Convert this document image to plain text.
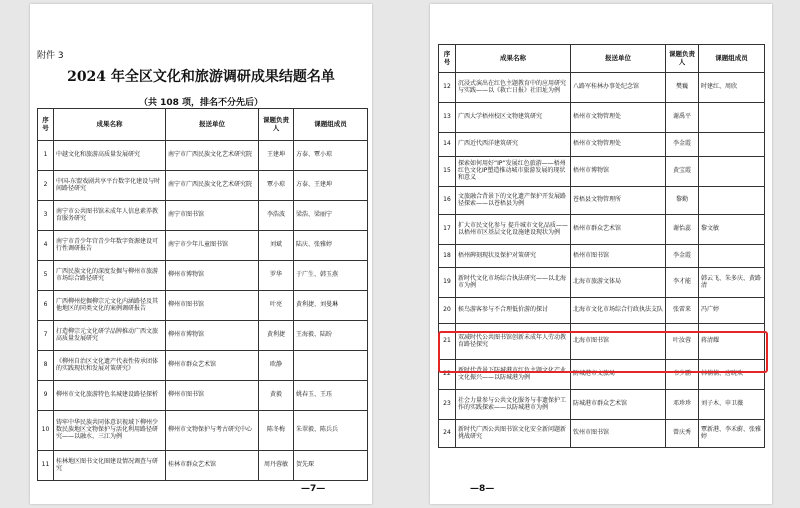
附件 3
2024 年全区文化和旅游调研成果结题名单
（共 108 项，排名不分先后）
序号	成果名称	报送单位	课题负责人	课题组成员
1	中越文化和旅游高质量发展研究	南宁市广西民族文化艺术研究院	王建坤	方泰、覃小琼
2	中国-东盟戏剧共享平台数字化建设与时间路径研究	南宁市广西民族文化艺术研究院	覃小琼	方泰、王建坤
3	南宁市公共图书馆未成年人信息素养教育服务研究	南宁市图书馆	李浩波	梁浩、梁丽宁
4	南宁市青少年宫青少年数字资源建设可行性调研报告	南宁市少年儿童图书馆	刘斌	陆庆、张雅婷
5	广西民族文化的深度发掘与柳州市旅游市场综合路径研究	柳州市博物馆	罗华	于广生、韩玉燕
6	广西柳州挖掘柳宗元文化内涵路径及其他地区的同类文化的案例调研报告	柳州市图书馆	叶亮	黄利捷、刘曼琳
7	打造柳宗元文化研学品牌推动广西文旅高质量发展研究	柳州市博物馆	黄利捷	王海毅、陆盼
8	《柳州自治区文化遗产代表性传承团体的实践现状和发展对策研究》	柳州市群众艺术馆	欧静	
9	柳州市文化旅游特色名城建设路径探析	柳州市图书馆	黄毅	姚春玉、王珏
10	铸牢中华民族共同体意识视域下柳州少数民族地区文物保护与活化利用路径研究——以融水、三江为例	柳州市文物保护与考古研究中心	陈冬梅	朱翠毅、陈兵兵
11	桂林地区图书文化圈建设情况调查与研究	桂林市群众艺术馆	周丹蓉敏	贺先琛
—7—
序号	成果名称	报送单位	课题负责人	课题组成员
12	沉浸式演出在红色主题教育中的应用研究与实践——以《救亡日报》社旧址为例	八路军桂林办事处纪念馆	樊巍	时建红、周欣
13	广西大学梧州校区文物建筑研究	梧州市文物管理处	谢禹平	
14	广西近代西洋建筑研究	梧州市文物管理处	李金霞	
15	探索如何用好“IP”发展红色旅游——梧州红色文化IP塑造推动城市旅游发展的现状和意义	梧州市博物馆	黄宝霞	
16	文旅融合背景下的文化遗产保护开发展路径探索——以苍梧县为例	苍梧县文物管理所	黎勤	
17	扩大市民文化参与 提升城市文化品质——以梧州市区基层文化设施建设现状为例	梧州市群众艺术馆	谢怡蕊	黎文敏
18	梧州碑刻现状及保护对策研究	梧州市图书馆	李金霞	
19	新时代文化市场综合执法研究——以北海市为例	北海市旅游文体局	李才能	韩云飞、朱多庆、黄路清
20	候鸟游客参与不合理低价游的探讨	北海市文化市场综合行政执法支队	张雷来	冯广婷
21	双减时代公共图书馆创新未成年人劳动教育路径探究	北海市图书馆	叶汝蓉	蒋清耀
22	新时代背景下防城港市红色主题文化产业文化振兴——以防城港为例	防城港市文旅局	韦少鹏	林楠楠、唐晓欢
23	社会力量参与公共文化服务与非遗保护工作的实践探索——以防城港市为例	防城港市群众艺术馆	邓珍珍	刘子木、申卫薇
24	新时代广西公共图书馆文化安全新问题新挑战研究	钦州市图书馆	曾庆秀	覃新港、李禾蔚、张雅婷
—8—
